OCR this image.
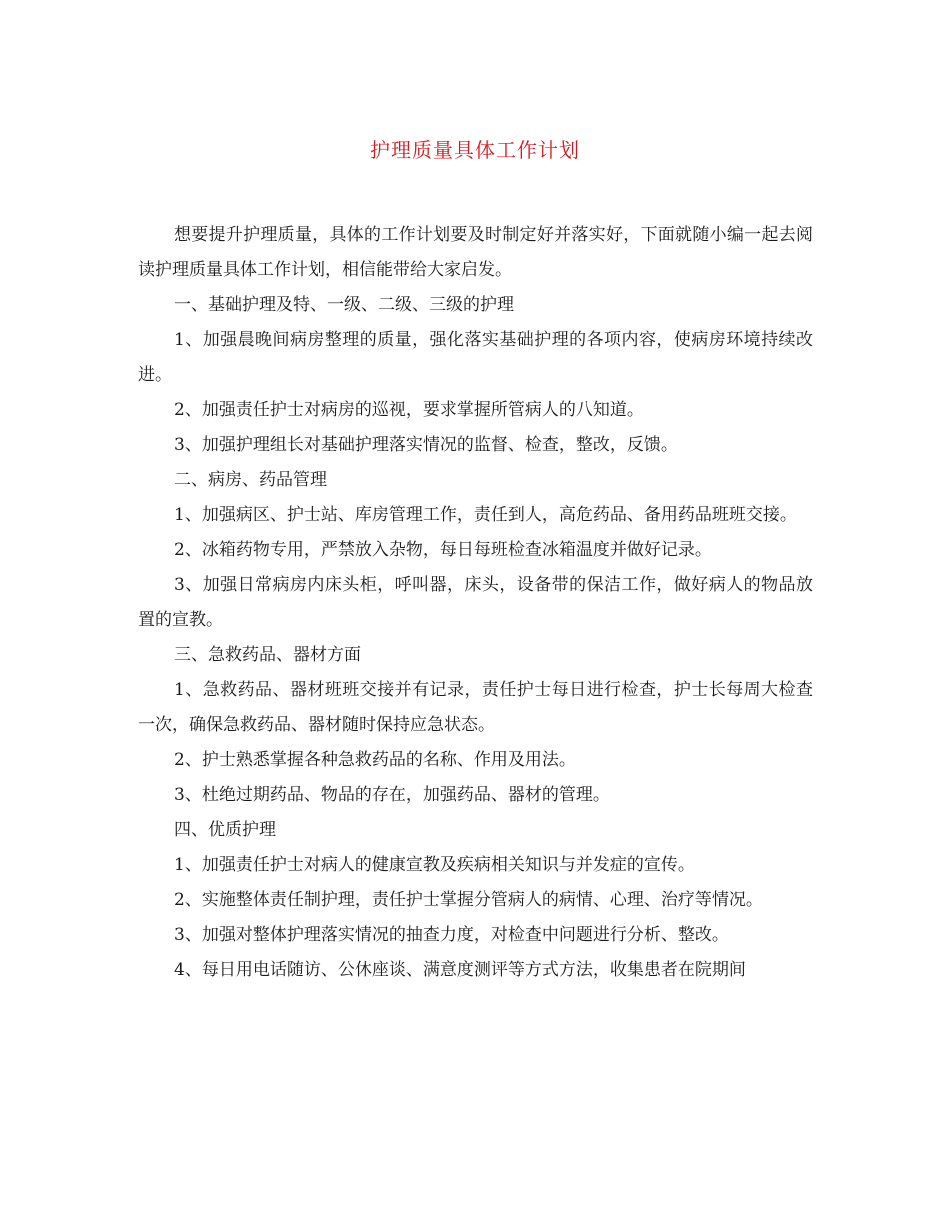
护理质量具体工作计划

想要提升护理质量，具体的工作计划要及时制定好并落实好，下面就随小编一起去阅读护理质量具体工作计划，相信能带给大家启发。

一、基础护理及特、一级、二级、三级的护理

1、加强晨晚间病房整理的质量，强化落实基础护理的各项内容，使病房环境持续改进。

2、加强责任护士对病房的巡视，要求掌握所管病人的八知道。

3、加强护理组长对基础护理落实情况的监督、检查，整改，反馈。

二、病房、药品管理

1、加强病区、护士站、库房管理工作，责任到人，高危药品、备用药品班班交接。

2、冰箱药物专用，严禁放入杂物，每日每班检查冰箱温度并做好记录。

3、加强日常病房内床头柜，呼叫器，床头，设备带的保洁工作，做好病人的物品放置的宣教。

三、急救药品、器材方面

1、急救药品、器材班班交接并有记录，责任护士每日进行检查，护士长每周大检查一次，确保急救药品、器材随时保持应急状态。

2、护士熟悉掌握各种急救药品的名称、作用及用法。

3、杜绝过期药品、物品的存在，加强药品、器材的管理。

四、优质护理

1、加强责任护士对病人的健康宣教及疾病相关知识与并发症的宣传。

2、实施整体责任制护理，责任护士掌握分管病人的病情、心理、治疗等情况。

3、加强对整体护理落实情况的抽查力度，对检查中问题进行分析、整改。

4、每日用电话随访、公休座谈、满意度测评等方式方法，收集患者在院期间
